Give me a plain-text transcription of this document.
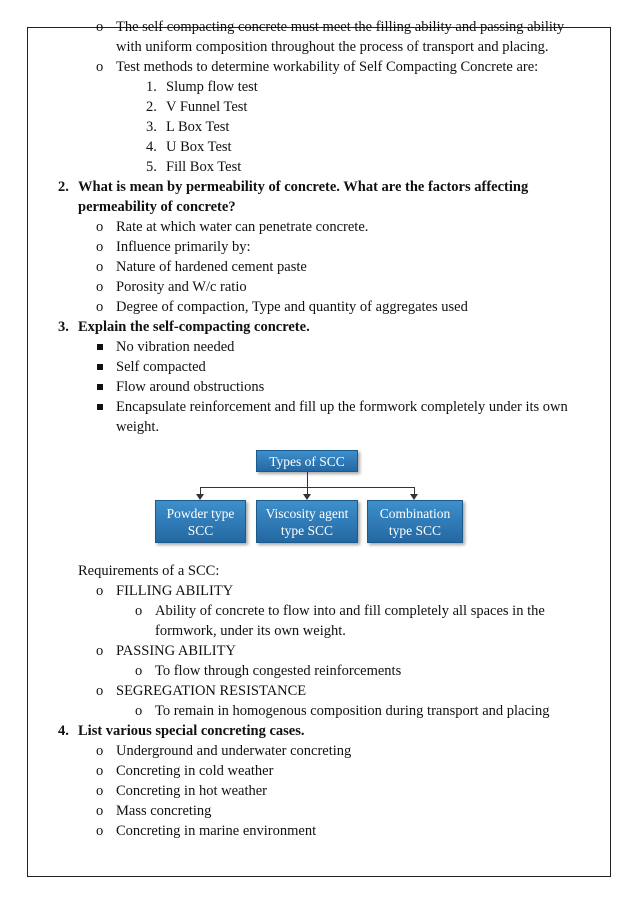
o The self compacting concrete must meet the filling ability and passing ability
with uniform composition throughout the process of transport and placing.
o Test methods to determine workability of Self Compacting Concrete are:
1. Slump flow test
2. V Funnel Test
3. L Box Test
4. U Box Test
5. Fill Box Test
2. What is mean by permeability of concrete. What are the factors affecting
permeability of concrete?
o Rate at which water can penetrate concrete.
o Influence primarily by:
o Nature of hardened cement paste
o Porosity and W/c ratio
o Degree of compaction, Type and quantity of aggregates used
3. Explain the self-compacting concrete.
No vibration needed
Self compacted
Flow around obstructions
Encapsulate reinforcement and fill up the formwork completely under its own
weight.
Types of SCC
Powder type
SCC
Viscosity agent
type SCC
Combination
type SCC
Requirements of a SCC:
o FILLING ABILITY
o Ability of concrete to flow into and fill completely all spaces in the
formwork, under its own weight.
o PASSING ABILITY
o To flow through congested reinforcements
o SEGREGATION RESISTANCE
o To remain in homogenous composition during transport and placing
4. List various special concreting cases.
o Underground and underwater concreting
o Concreting in cold weather
o Concreting in hot weather
o Mass concreting
o Concreting in marine environment
